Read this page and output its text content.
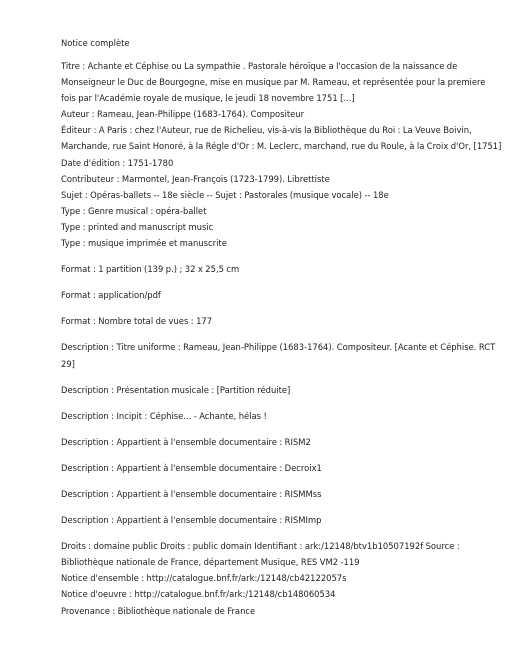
Notice complète

Titre : Achante et Céphise ou La sympathie . Pastorale héroïque a l'occasion de la naissance de Monseigneur le Duc de Bourgogne, mise en musique par M. Rameau, et représentée pour la premiere fois par l'Académie royale de musique, le jeudi 18 novembre 1751 [...]

Auteur : Rameau, Jean-Philippe (1683-1764). Compositeur

Éditeur : A Paris : chez l'Auteur, rue de Richelieu, vis-à-vis la Bibliothèque du Roi : La Veuve Boivin, Marchande, rue Saint Honoré, à la Régle d'Or : M. Leclerc, marchand, rue du Roule, à la Croix d'Or, [1751]

Date d'édition : 1751-1780

Contributeur : Marmontel, Jean-François (1723-1799). Librettiste

Sujet : Opéras-ballets -- 18e siècle -- Sujet : Pastorales (musique vocale) -- 18e

Type : Genre musical : opéra-ballet

Type : printed and manuscript music

Type : musique imprimée et manuscrite

Format : 1 partition (139 p.) ; 32 x 25,5 cm

Format : application/pdf

Format : Nombre total de vues : 177

Description : Titre uniforme : Rameau, Jean-Philippe (1683-1764). Compositeur. [Acante et Céphise. RCT 29]

Description : Présentation musicale : [Partition réduite]

Description : Incipit : Céphise... - Achante, hélas !

Description : Appartient à l'ensemble documentaire : RISM2

Description : Appartient à l'ensemble documentaire : Decroix1

Description : Appartient à l'ensemble documentaire : RISMMss

Description : Appartient à l'ensemble documentaire : RISMImp

Droits : domaine public Droits : public domain Identifiant : ark:/12148/btv1b10507192f Source : Bibliothèque nationale de France, département Musique, RES VM2 -119

Notice d'ensemble : http://catalogue.bnf.fr/ark:/12148/cb42122057s

Notice d'oeuvre : http://catalogue.bnf.fr/ark:/12148/cb148060534

Provenance : Bibliothèque nationale de France
